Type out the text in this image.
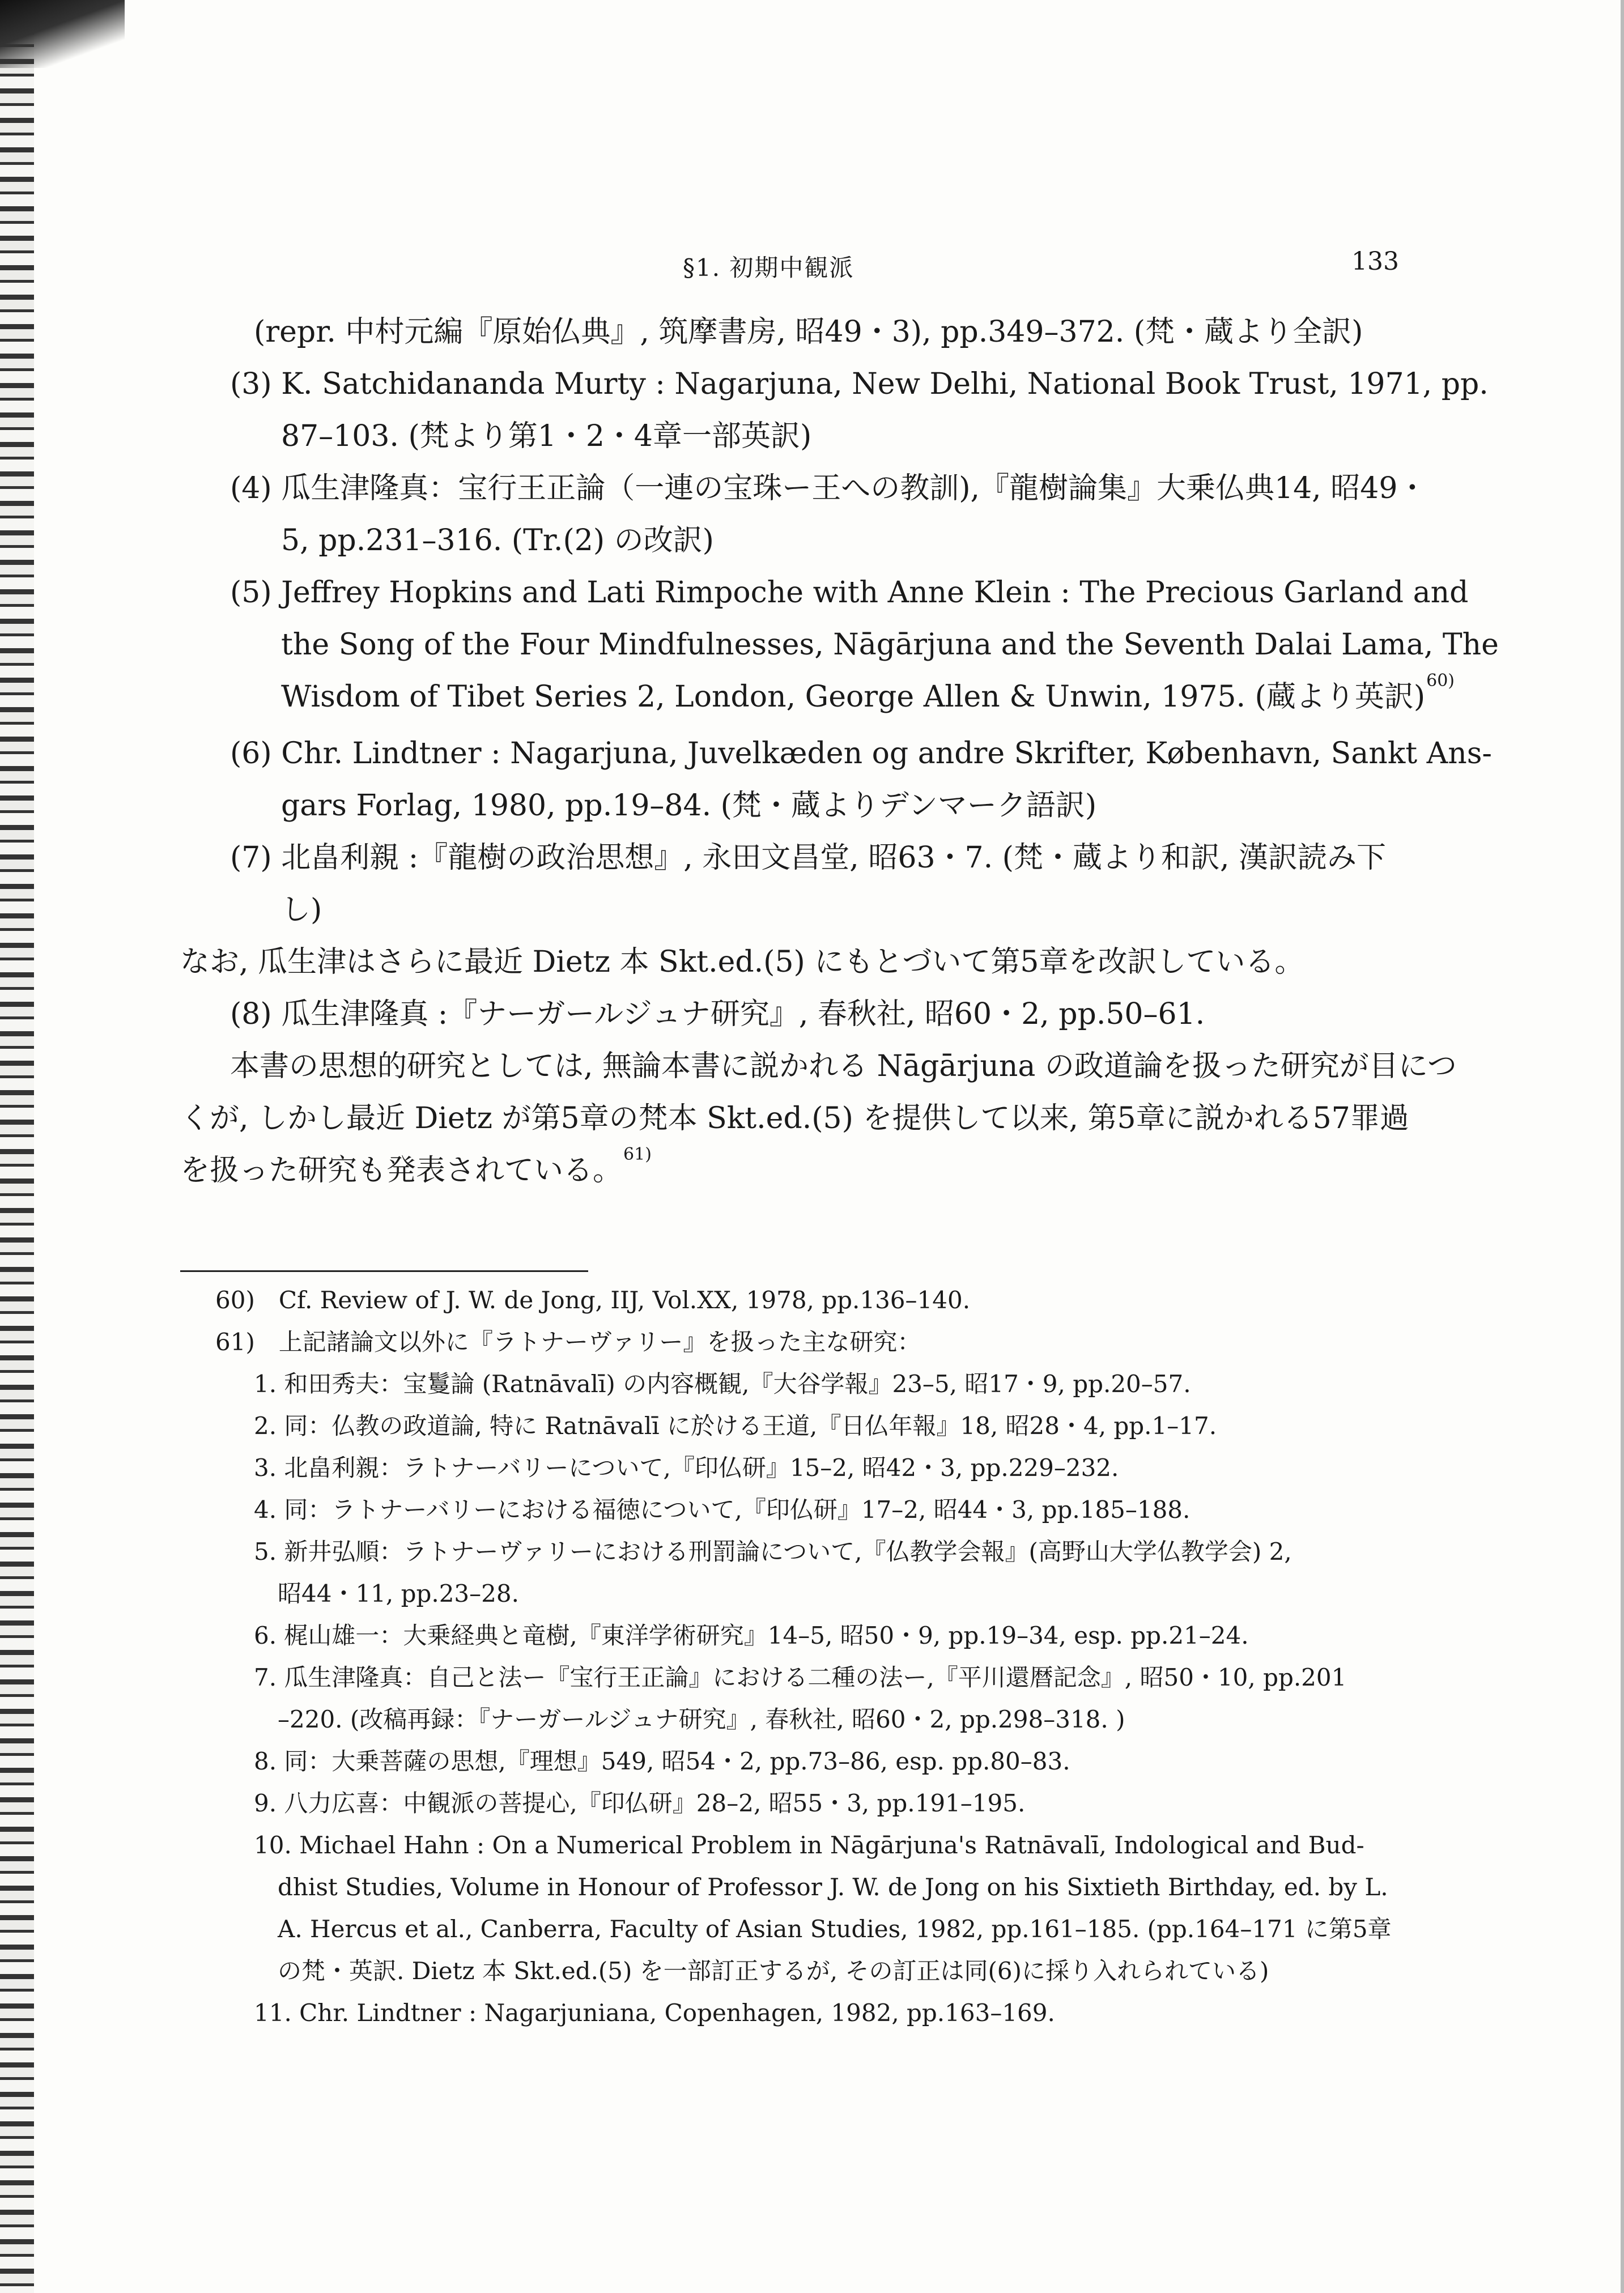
§1. 初期中観派	133
(repr. 中村元編『原始仏典』, 筑摩書房, 昭49・3), pp.349–372. (梵・蔵より全訳)
(3) K. Satchidananda Murty : Nagarjuna, New Delhi, National Book Trust, 1971, pp.
87–103. (梵より第1・2・4章一部英訳)
(4) 瓜生津隆真：宝行王正論（一連の宝珠ー王への教訓),『龍樹論集』大乗仏典14, 昭49・
5, pp.231–316. (Tr.(2) の改訳)
(5) Jeffrey Hopkins and Lati Rimpoche with Anne Klein : The Precious Garland and
the Song of the Four Mindfulnesses, Nāgārjuna and the Seventh Dalai Lama, The
Wisdom of Tibet Series 2, London, George Allen & Unwin, 1975. (蔵より英訳)$^{60)}$
(6) Chr. Lindtner : Nagarjuna, Juvelkæden og andre Skrifter, København, Sankt Ans-
gars Forlag, 1980, pp.19–84. (梵・蔵よりデンマーク語訳)
(7) 北畠利親 :『龍樹の政治思想』, 永田文昌堂, 昭63・7. (梵・蔵より和訳, 漢訳読み下
し)
なお, 瓜生津はさらに最近 Dietz 本 Skt.ed.(5) にもとづいて第5章を改訳している。
(8) 瓜生津隆真 :『ナーガールジュナ研究』, 春秋社, 昭60・2, pp.50–61.
本書の思想的研究としては, 無論本書に説かれる Nāgārjuna の政道論を扱った研究が目につ
くが, しかし最近 Dietz が第5章の梵本 Skt.ed.(5) を提供して以来, 第5章に説かれる57罪過
を扱った研究も発表されている。$^{61)}$
60)　Cf. Review of J. W. de Jong, IIJ, Vol.XX, 1978, pp.136–140.
61)　上記諸論文以外に『ラトナーヴァリー』を扱った主な研究：
1. 和田秀夫：宝鬘論 (Ratnāvalī) の内容概観,『大谷学報』23–5, 昭17・9, pp.20–57.
2. 同：仏教の政道論, 特に Ratnāvalī に於ける王道,『日仏年報』18, 昭28・4, pp.1–17.
3. 北畠利親：ラトナーバリーについて,『印仏研』15–2, 昭42・3, pp.229–232.
4. 同：ラトナーバリーにおける福徳について,『印仏研』17–2, 昭44・3, pp.185–188.
5. 新井弘順：ラトナーヴァリーにおける刑罰論について,『仏教学会報』(高野山大学仏教学会) 2,
昭44・11, pp.23–28.
6. 梶山雄一：大乗経典と竜樹,『東洋学術研究』14–5, 昭50・9, pp.19–34, esp. pp.21–24.
7. 瓜生津隆真：自己と法ー『宝行王正論』における二種の法ー,『平川還暦記念』, 昭50・10, pp.201
–220. (改稿再録：『ナーガールジュナ研究』, 春秋社, 昭60・2, pp.298–318. )
8. 同：大乗菩薩の思想,『理想』549, 昭54・2, pp.73–86, esp. pp.80–83.
9. 八力広喜：中観派の菩提心,『印仏研』28–2, 昭55・3, pp.191–195.
10. Michael Hahn : On a Numerical Problem in Nāgārjuna's Ratnāvalī, Indological and Bud-
dhist Studies, Volume in Honour of Professor J. W. de Jong on his Sixtieth Birthday, ed. by L.
A. Hercus et al., Canberra, Faculty of Asian Studies, 1982, pp.161–185. (pp.164–171 に第5章
の梵・英訳. Dietz 本 Skt.ed.(5) を一部訂正するが, その訂正は同(6)に採り入れられている)
11. Chr. Lindtner : Nagarjuniana, Copenhagen, 1982, pp.163–169.
